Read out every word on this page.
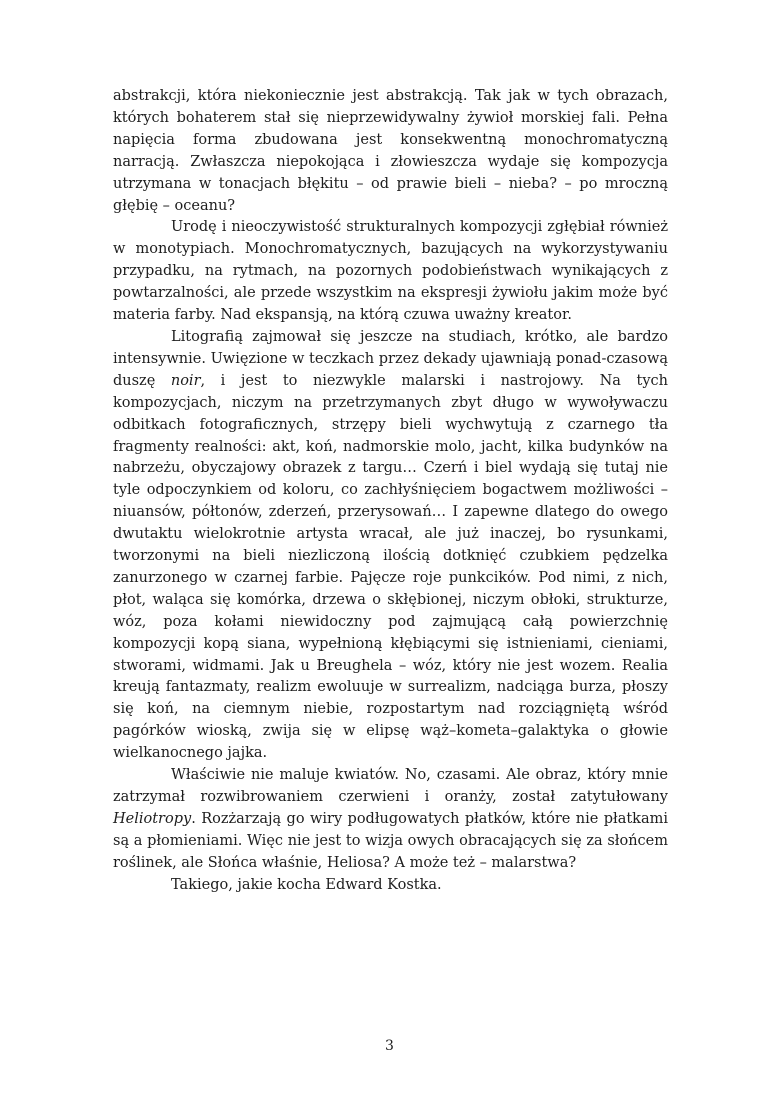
abstrakcji, która niekoniecznie jest abstrakcją. Tak jak w tych obrazach, których bohaterem stał się nieprzewidywalny żywioł morskiej fali. Pełna napięcia forma zbudowana jest konsekwentną monochromatyczną narracją. Zwłaszcza niepokojąca i złowieszcza wydaje się kompozycja utrzymana w tonacjach błękitu – od prawie bieli – nieba? – po mroczną głębię – oceanu?

Urodę i nieoczywistość strukturalnych kompozycji zgłębiał również w monotypiach. Monochromatycznych, bazujących na wykorzystywaniu przypadku, na rytmach, na pozornych podobieństwach wynikających z powtarzalności, ale przede wszystkim na ekspresji żywiołu jakim może być materia farby. Nad ekspansją, na którą czuwa uważny kreator.

Litografią zajmował się jeszcze na studiach, krótko, ale bardzo intensywnie. Uwięzione w teczkach przez dekady ujawniają ponad-czasową duszę noir, i jest to niezwykle malarski i nastrojowy. Na tych kompozycjach, niczym na przetrzymanych zbyt długo w wywoływaczu odbitkach fotograficznych, strzępy bieli wychwytują z czarnego tła fragmenty realności: akt, koń, nadmorskie molo, jacht, kilka budynków na nabrzeżu, obyczajowy obrazek z targu… Czerń i biel wydają się tutaj nie tyle odpoczynkiem od koloru, co zachłyśnięciem bogactwem możliwości – niuansów, półtonów, zderzeń, przerysowań… I zapewne dlatego do owego dwutaktu wielokrotnie artysta wracał, ale już inaczej, bo rysunkami, tworzonymi na bieli niezliczoną ilością dotknięć czubkiem pędzelka zanurzonego w czarnej farbie. Pajęcze roje punkcików. Pod nimi, z nich, płot, waląca się komórka, drzewa o skłębionej, niczym obłoki, strukturze, wóz, poza kołami niewidoczny pod zajmującą całą powierzchnię kompozycji kopą siana, wypełnioną kłębiącymi się istnieniami, cieniami, stworami, widmami. Jak u Breughela – wóz, który nie jest wozem. Realia kreują fantazmaty, realizm ewoluuje w surrealizm, nadciąga burza, płoszy się koń, na ciemnym niebie, rozpostartym nad rozciągniętą wśród pagórków wioską, zwija się w elipsę wąż–kometa–galaktyka o głowie wielkanocnego jajka.

Właściwie nie maluje kwiatów. No, czasami. Ale obraz, który mnie zatrzymał rozwibrowaniem czerwieni i oranży, został zatytułowany Heliotropy. Rozżarzają go wiry podługowatych płatków, które nie płatkami są a płomieniami. Więc nie jest to wizja owych obracających się za słońcem roślinek, ale Słońca właśnie, Heliosa? A może też – malarstwa?

Takiego, jakie kocha Edward Kostka.

3
